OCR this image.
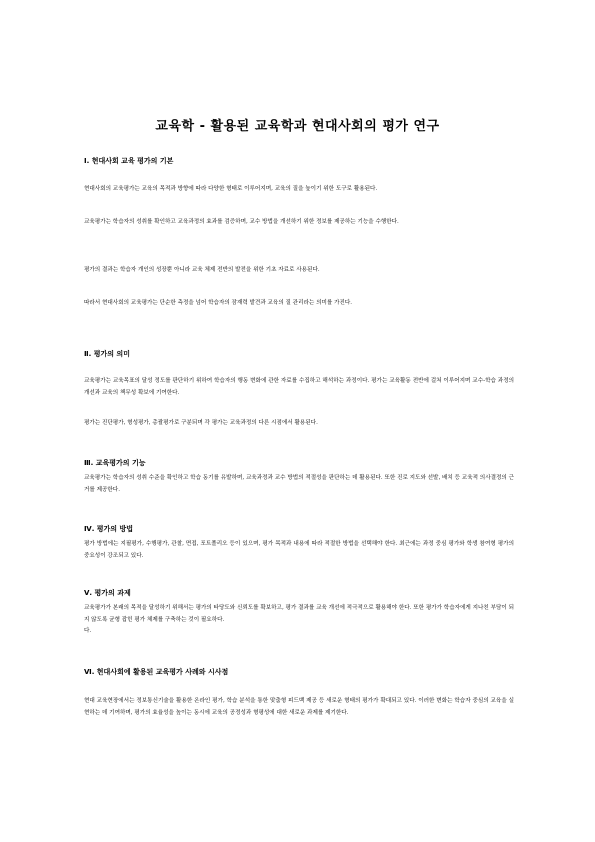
교육학 - 활용된 교육학과 현대사회의 평가 연구
Ⅰ. 현대사회 교육 평가의 기본

현대사회의 교육평가는 교육의 목적과 방향에 따라 다양한 형태로 이루어지며, 교육의 질을 높이기 위한 도구로 활용된다.

교육평가는 학습자의 성취를 확인하고 교육과정의 효과를 검증하며, 교수 방법을 개선하기 위한 정보를 제공하는 기능을 수행한다.

평가의 결과는 학습자 개인의 성장뿐 아니라 교육 체제 전반의 발전을 위한 기초 자료로 사용된다.

따라서 현대사회의 교육평가는 단순한 측정을 넘어 학습자의 잠재력 발견과 교육의 질 관리라는 의미를 가진다.

Ⅱ. 평가의 의미

교육평가는 교육목표의 달성 정도를 판단하기 위하여 학습자의 행동 변화에 관한 자료를 수집하고 해석하는 과정이다. 평가는 교육활동 전반에 걸쳐 이루어지며 교수-학습 과정의 개선과 교육의 책무성 확보에 기여한다.

평가는 진단평가, 형성평가, 총괄평가로 구분되며 각 평가는 교육과정의 다른 시점에서 활용된다.

Ⅲ. 교육평가의 기능

교육평가는 학습자의 성취 수준을 확인하고 학습 동기를 유발하며, 교육과정과 교수 방법의 적절성을 판단하는 데 활용된다. 또한 진로 지도와 선발, 배치 등 교육적 의사결정의 근거를 제공한다.

Ⅳ. 평가의 방법

평가 방법에는 지필평가, 수행평가, 관찰, 면접, 포트폴리오 등이 있으며, 평가 목적과 내용에 따라 적절한 방법을 선택해야 한다. 최근에는 과정 중심 평가와 학생 참여형 평가의 중요성이 강조되고 있다.

Ⅴ. 평가의 과제

교육평가가 본래의 목적을 달성하기 위해서는 평가의 타당도와 신뢰도를 확보하고, 평가 결과를 교육 개선에 적극적으로 활용해야 한다. 또한 평가가 학습자에게 지나친 부담이 되지 않도록 균형 잡힌 평가 체제를 구축하는 것이 필요하다.

다.

Ⅵ. 현대사회에 활용된 교육평가 사례와 시사점

현대 교육현장에서는 정보통신기술을 활용한 온라인 평가, 학습 분석을 통한 맞춤형 피드백 제공 등 새로운 형태의 평가가 확대되고 있다. 이러한 변화는 학습자 중심의 교육을 실현하는 데 기여하며, 평가의 효율성을 높이는 동시에 교육의 공정성과 형평성에 대한 새로운 과제를 제기한다.
